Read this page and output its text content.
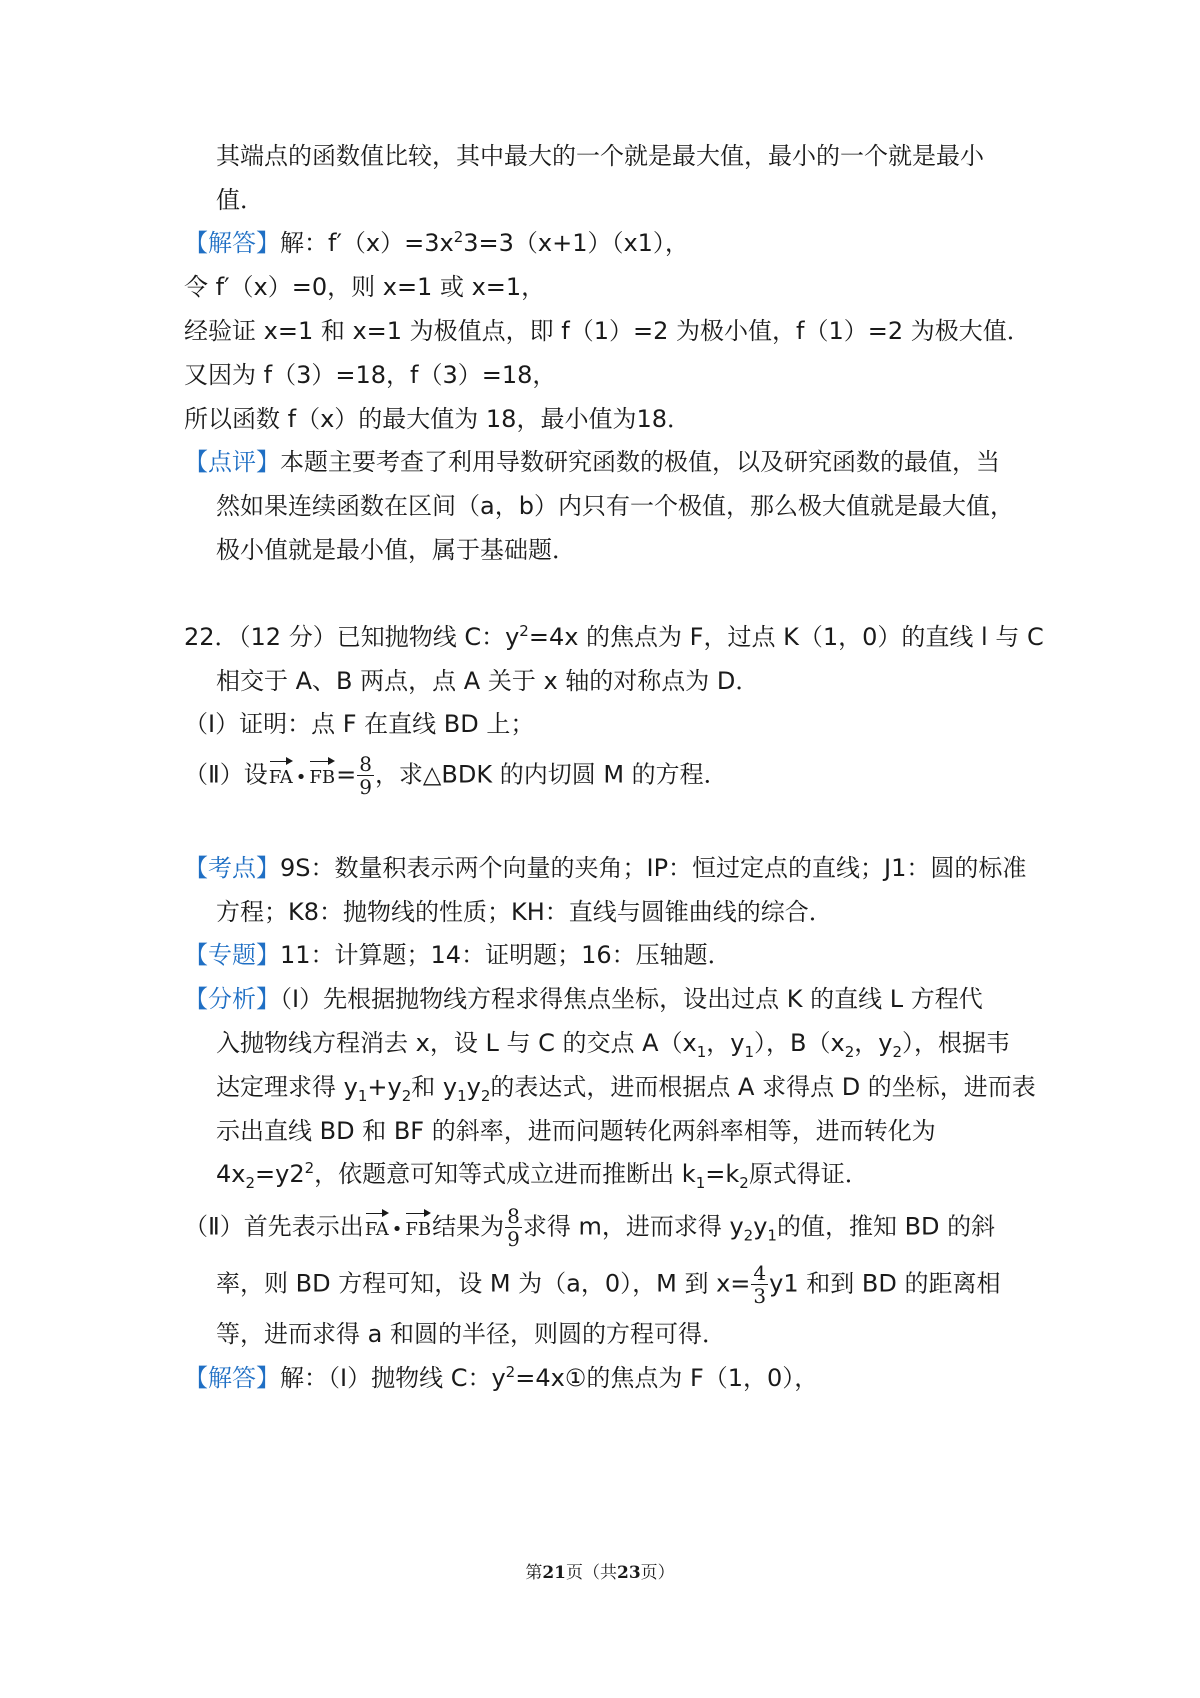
其端点的函数值比较，其中最大的一个就是最大值，最小的一个就是最小
值．
【解答】解：$f'(x)=3x^23=3(x+1)(x1)$，
令 f′（x）=0，则 x=1 或 x=1，
经验证 x=1 和 x=1 为极值点，即 f（1）=2 为极小值，f（1）=2 为极大值．
又因为 f（3）=18，f（3）=18，
所以函数 f（x）的最大值为 18，最小值为18．
【点评】本题主要考查了利用导数研究函数的极值，以及研究函数的最值，当
然如果连续函数在区间（a，b）内只有一个极值，那么极大值就是最大值，
极小值就是最小值，属于基础题．
22．（12 分）已知抛物线 C：$y^2=4x$ 的焦点为 F，过点 K（1，0）的直线 l 与 C
相交于 A、B 两点，点 A 关于 x 轴的对称点为 D．
（Ⅰ）证明：点 F 在直线 BD 上；
（Ⅱ）设FA • $FB= \frac{8}{9}$ ，求△BDK 的内切圆 M 的方程．
【考点】9S：数量积表示两个向量的夹角；IP：恒过定点的直线；J1：圆的标准
方程；K8：抛物线的性质；KH：直线与圆锥曲线的综合．
【专题】11：计算题；14：证明题；16：压轴题．
【分析】（Ⅰ）先根据抛物线方程求得焦点坐标，设出过点 K 的直线 L 方程代
入抛物线方程消去 x，设 L 与 C 的交点 $A(x_1$，$y_1$），$B(x_2$，$y_2$），根据韦
达定理求得 $y_1+y_2$和 $y_1y_2$的表达式，进而根据点 A 求得点 D 的坐标，进而表
示出直线 BD 和 BF 的斜率，进而问题转化两斜率相等，进而转化为
$4x_2=y2^2$，依题意可知等式成立进而推断出 $k_1=k_2$原式得证．
（Ⅱ）首先表示出FA • FB结果为 $\frac{8}{9}$ 求得 m，进而求得 $y_2y_1$的值，推知 BD 的斜
率，则 BD 方程可知，设 M 为（a，0），M 到 $x= \frac{4}{3} y1$ 和到 BD 的距离相
等，进而求得 a 和圆的半径，则圆的方程可得．
【解答】解：（Ⅰ）抛物线 C：$y^2=4x①$的焦点为 F（1，0），
第21页（共23页）
